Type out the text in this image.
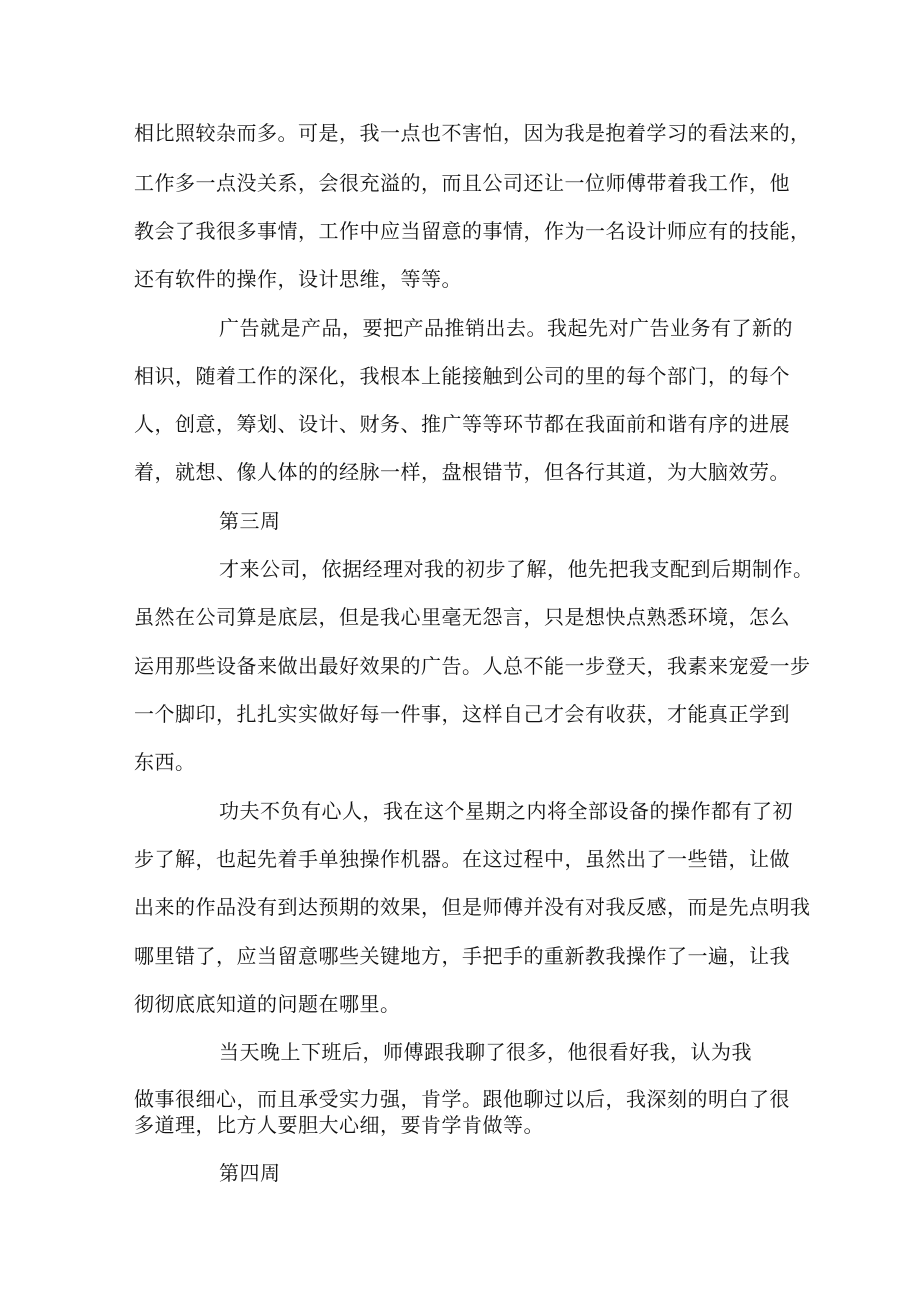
相比照较杂而多。可是，我一点也不害怕，因为我是抱着学习的看法来的，
工作多一点没关系，会很充溢的，而且公司还让一位师傅带着我工作，他
教会了我很多事情，工作中应当留意的事情，作为一名设计师应有的技能，
还有软件的操作，设计思维，等等。
广告就是产品，要把产品推销出去。我起先对广告业务有了新的
相识，随着工作的深化，我根本上能接触到公司的里的每个部门，的每个
人，创意，筹划、设计、财务、推广等等环节都在我面前和谐有序的进展
着，就想、像人体的的经脉一样，盘根错节，但各行其道，为大脑效劳。
第三周
才来公司，依据经理对我的初步了解，他先把我支配到后期制作。
虽然在公司算是底层，但是我心里毫无怨言，只是想快点熟悉环境，怎么
运用那些设备来做出最好效果的广告。人总不能一步登天，我素来宠爱一步
一个脚印，扎扎实实做好每一件事，这样自己才会有收获，才能真正学到
东西。
功夫不负有心人，我在这个星期之内将全部设备的操作都有了初
步了解，也起先着手单独操作机器。在这过程中，虽然出了一些错，让做
出来的作品没有到达预期的效果，但是师傅并没有对我反感，而是先点明我
哪里错了，应当留意哪些关键地方，手把手的重新教我操作了一遍，让我
彻彻底底知道的问题在哪里。
当天晚上下班后，师傅跟我聊了很多，他很看好我，认为我
做事很细心，而且承受实力强，肯学。跟他聊过以后，我深刻的明白了很
多道理，比方人要胆大心细，要肯学肯做等。
第四周
